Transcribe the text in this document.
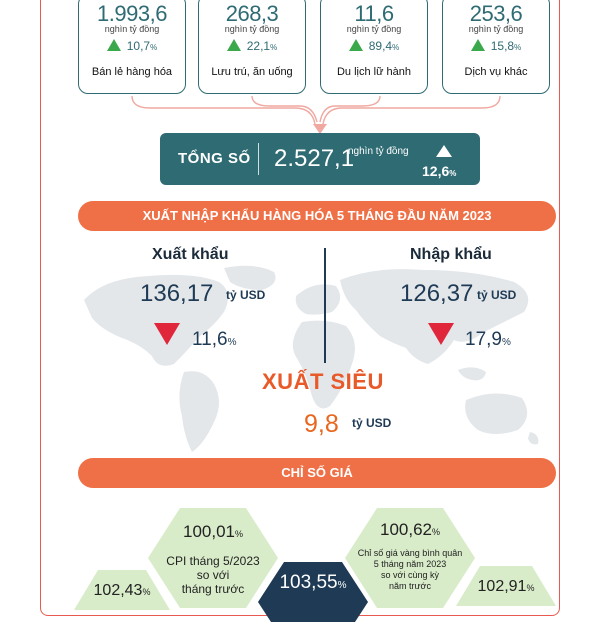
1.993,6
nghìn tỷ đồng
10,7%
Bán lẻ hàng hóa
268,3
nghìn tỷ đồng
22,1%
Lưu trú, ăn uống
11,6
nghìn tỷ đồng
89,4%
Du lịch lữ hành
253,6
nghìn tỷ đồng
15,8%
Dịch vụ khác
TỔNG SỐ 2.527,1
nghìn tỷ đồng
12,6%
XUẤT NHẬP KHẨU HÀNG HÓA 5 THÁNG ĐẦU NĂM 2023
Xuất khẩu
136,17 tỷ USD
11,6%
Nhập khẩu
126,37 tỷ USD
17,9%
XUẤT SIÊU
9,8 tỷ USD
CHỈ SỐ GIÁ
100,01%
CPI tháng 5/2023
so với
tháng trước
100,62%
Chỉ số giá vàng bình quân
5 tháng năm 2023
so với cùng kỳ
năm trước
103,55%
102,43%	102,91%
